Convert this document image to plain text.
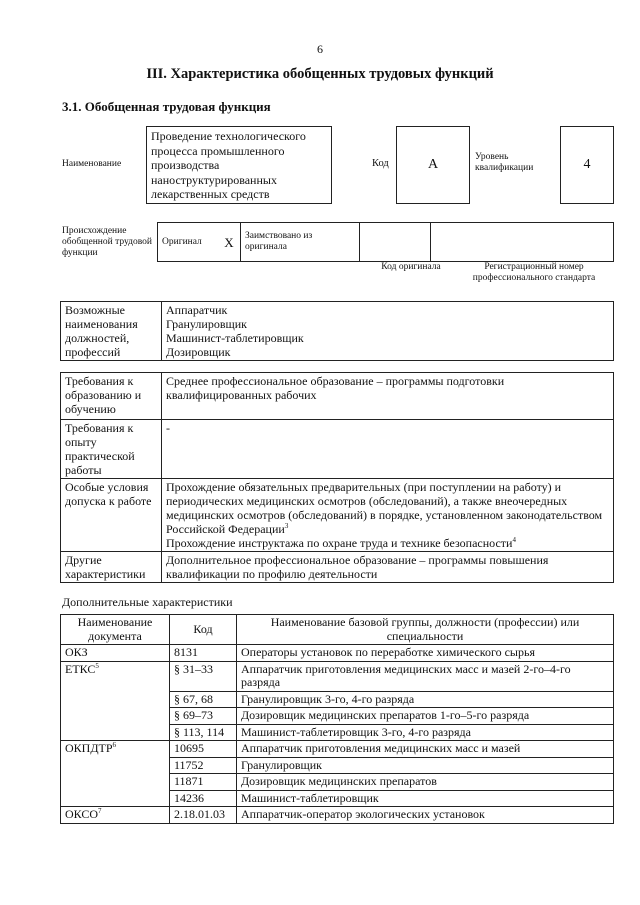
6
III. Характеристика обобщенных трудовых функций
3.1. Обобщенная трудовая функция
Наименование
Проведение технологического процесса промышленного производства наноструктурированных лекарственных средств
Код	А	Уровень квалификации	4
Происхождение обобщенной трудовой функции
Оригинал	X	Заимствовано из оригинала		
Код оригинала	Регистрационный номер профессионального стандарта
Возможные наименования должностей, профессий	Аппаратчик
Гранулировщик
Машинист-таблетировщик
Дозировщик
Требования к образованию и обучению	Среднее профессиональное образование – программы подготовки квалифицированных рабочих
Требования к опыту практической работы	-
Особые условия допуска к работе	Прохождение обязательных предварительных (при поступлении на работу) и периодических медицинских осмотров (обследований), а также внеочередных медицинских осмотров (обследований) в порядке, установленном законодательством Российской Федерации$^3$
Прохождение инструктажа по охране труда и технике безопасности$^4$
Другие характеристики	Дополнительное профессиональное образование – программы повышения квалификации по профилю деятельности
Дополнительные характеристики
Наименование документа	Код	Наименование базовой группы, должности (профессии) или специальности
ОКЗ	8131	Операторы установок по переработке химического сырья
ЕТКС$^5$	§ 31–33	Аппаратчик приготовления медицинских масс и мазей 2-го–4-го разряда
	§ 67, 68	Гранулировщик 3-го, 4-го разряда
	§ 69–73	Дозировщик медицинских препаратов 1-го–5-го разряда
	§ 113, 114	Машинист-таблетировщик 3-го, 4-го разряда
ОКПДТР$^6$	10695	Аппаратчик приготовления медицинских масс и мазей
	11752	Гранулировщик
	11871	Дозировщик медицинских препаратов
	14236	Машинист-таблетировщик
ОКСО$^7$	2.18.01.03	Аппаратчик-оператор экологических установок
